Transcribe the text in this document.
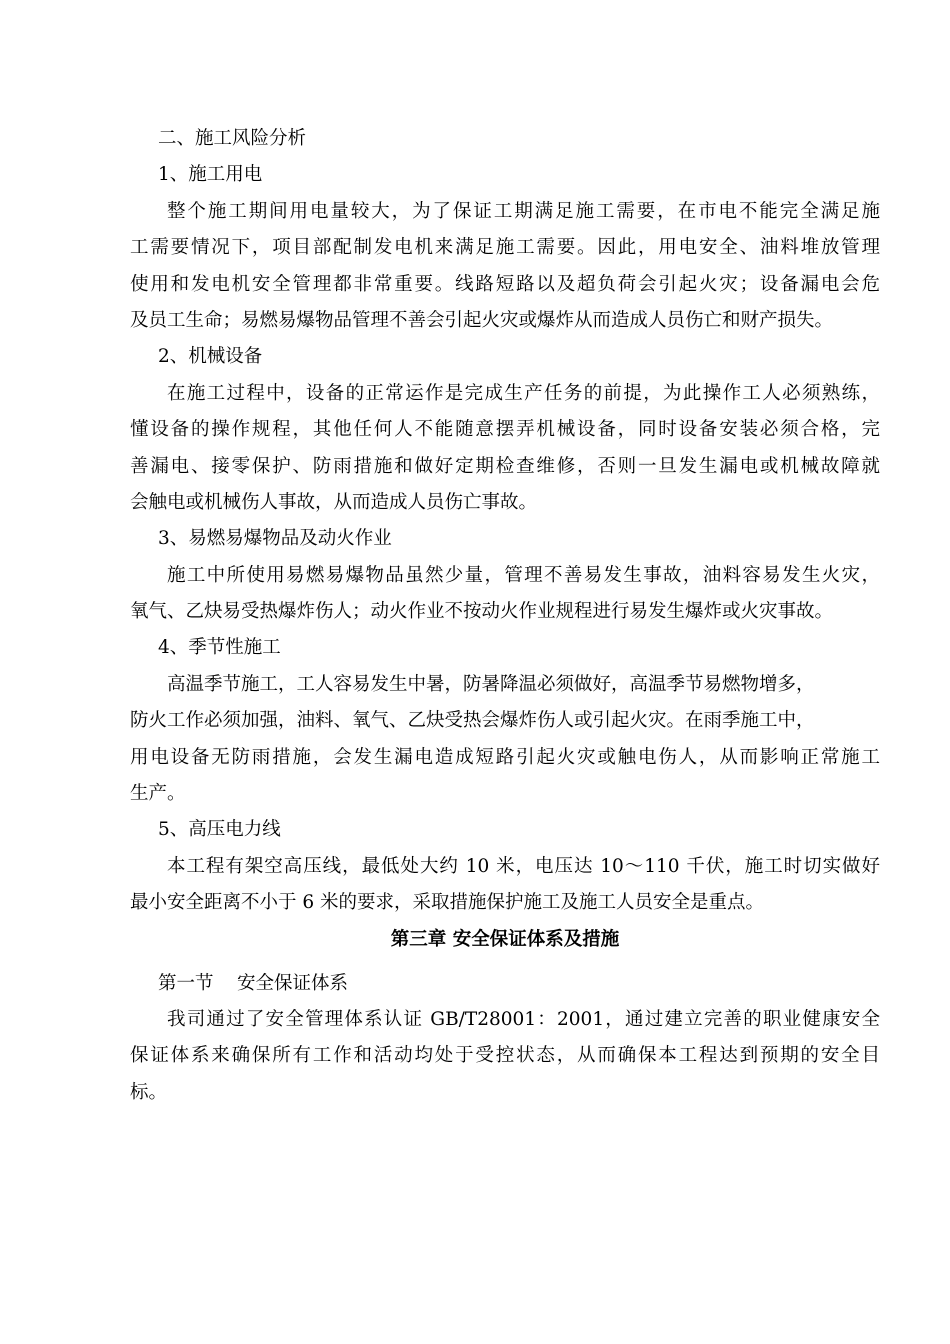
二、施工风险分析
1、施工用电
整个施工期间用电量较大，为了保证工期满足施工需要，在市电不能完全满足施
工需要情况下，项目部配制发电机来满足施工需要。因此，用电安全、油料堆放管理
使用和发电机安全管理都非常重要。线路短路以及超负荷会引起火灾；设备漏电会危
及员工生命；易燃易爆物品管理不善会引起火灾或爆炸从而造成人员伤亡和财产损失。
2、机械设备
在施工过程中，设备的正常运作是完成生产任务的前提，为此操作工人必须熟练，
懂设备的操作规程，其他任何人不能随意摆弄机械设备，同时设备安装必须合格，完
善漏电、接零保护、防雨措施和做好定期检查维修，否则一旦发生漏电或机械故障就
会触电或机械伤人事故，从而造成人员伤亡事故。
3、易燃易爆物品及动火作业
施工中所使用易燃易爆物品虽然少量，管理不善易发生事故，油料容易发生火灾，
氧气、乙炔易受热爆炸伤人；动火作业不按动火作业规程进行易发生爆炸或火灾事故。
4、季节性施工
高温季节施工，工人容易发生中暑，防暑降温必须做好，高温季节易燃物增多，
防火工作必须加强，油料、氧气、乙炔受热会爆炸伤人或引起火灾。在雨季施工中，
用电设备无防雨措施，会发生漏电造成短路引起火灾或触电伤人，从而影响正常施工
生产。
5、高压电力线
本工程有架空高压线，最低处大约 10 米，电压达 10～110 千伏，施工时切实做好
最小安全距离不小于 6 米的要求，采取措施保护施工及施工人员安全是重点。
第三章 安全保证体系及措施
第一节    安全保证体系
我司通过了安全管理体系认证 GB/T28001：2001，通过建立完善的职业健康安全
保证体系来确保所有工作和活动均处于受控状态，从而确保本工程达到预期的安全目
标。
